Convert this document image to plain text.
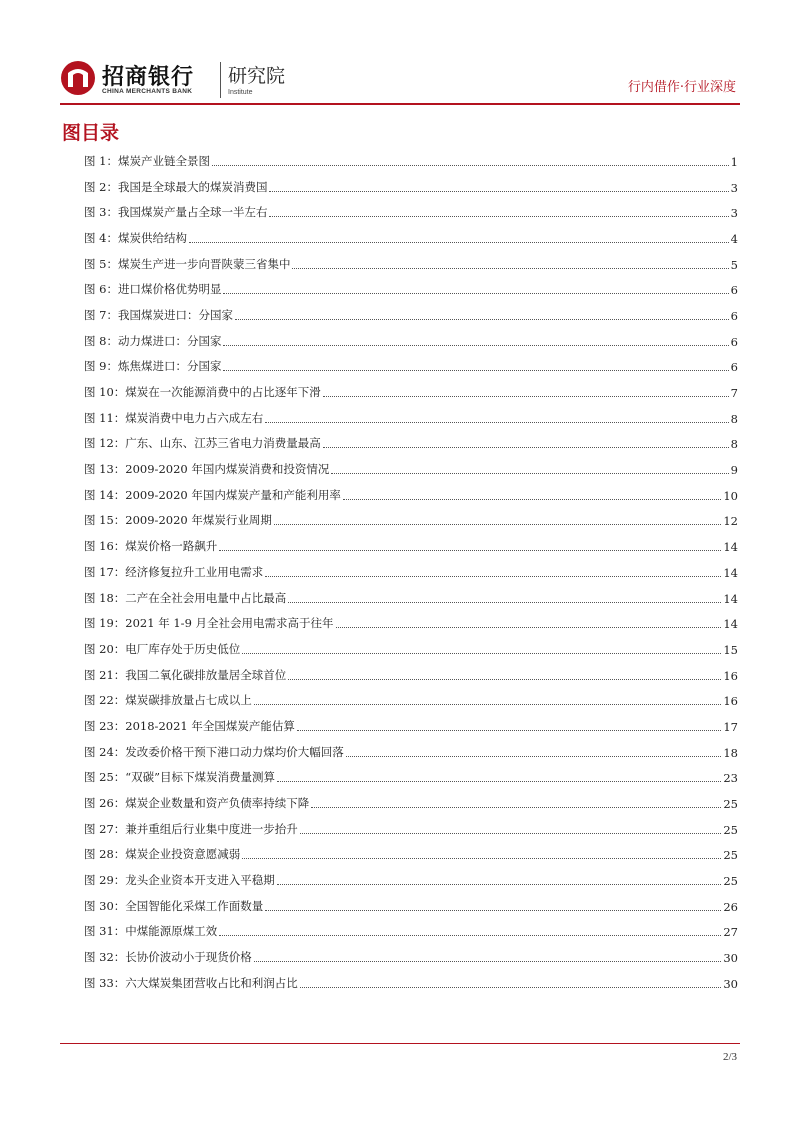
招商银行
CHINA MERCHANTS BANK
研究院
Institute	行内借作·行业深度
图目录
图 1：煤炭产业链全景图	1
图 2：我国是全球最大的煤炭消费国	3
图 3：我国煤炭产量占全球一半左右	3
图 4：煤炭供给结构	4
图 5：煤炭生产进一步向晋陕蒙三省集中	5
图 6：进口煤价格优势明显	6
图 7：我国煤炭进口：分国家	6
图 8：动力煤进口：分国家	6
图 9：炼焦煤进口：分国家	6
图 10：煤炭在一次能源消费中的占比逐年下滑	7
图 11：煤炭消费中电力占六成左右	8
图 12：广东、山东、江苏三省电力消费量最高	8
图 13：2009-2020 年国内煤炭消费和投资情况	9
图 14：2009-2020 年国内煤炭产量和产能利用率	10
图 15：2009-2020 年煤炭行业周期	12
图 16：煤炭价格一路飙升	14
图 17：经济修复拉升工业用电需求	14
图 18：二产在全社会用电量中占比最高	14
图 19：2021 年 1-9 月全社会用电需求高于往年	14
图 20：电厂库存处于历史低位	15
图 21：我国二氧化碳排放量居全球首位	16
图 22：煤炭碳排放量占七成以上	16
图 23：2018-2021 年全国煤炭产能估算	17
图 24：发改委价格干预下港口动力煤均价大幅回落	18
图 25：“双碳”目标下煤炭消费量测算	23
图 26：煤炭企业数量和资产负债率持续下降	25
图 27：兼并重组后行业集中度进一步抬升	25
图 28：煤炭企业投资意愿减弱	25
图 29：龙头企业资本开支进入平稳期	25
图 30：全国智能化采煤工作面数量	26
图 31：中煤能源原煤工效	27
图 32：长协价波动小于现货价格	30
图 33：六大煤炭集团营收占比和利润占比	30
2/3
